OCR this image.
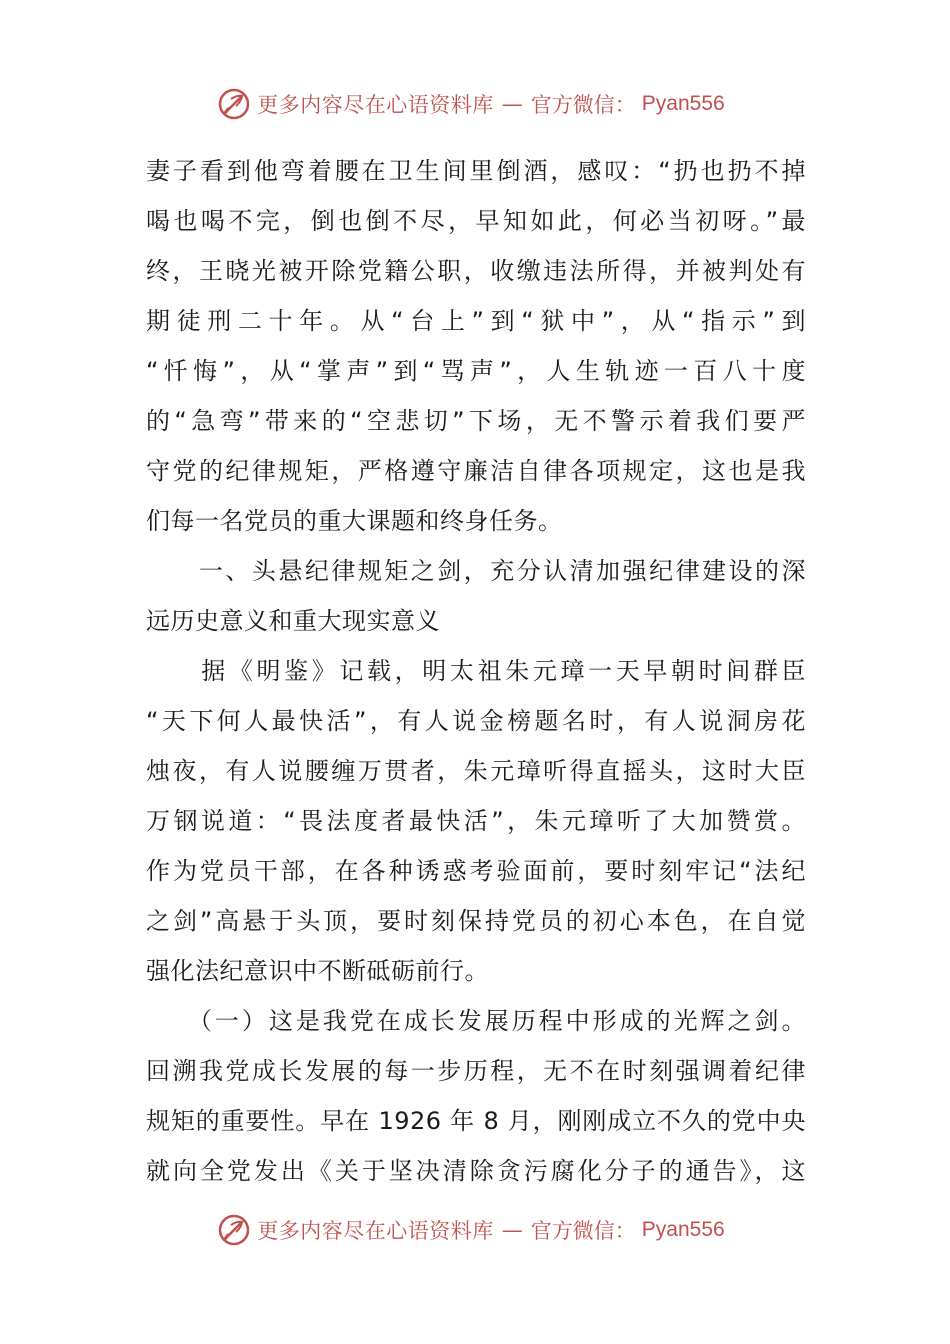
更多内容尽在心语资料库 — 官方微信： Pyan556
妻子看到他弯着腰在卫生间里倒酒，感叹：“扔也扔不掉
喝也喝不完，倒也倒不尽，早知如此，何必当初呀。”最
终，王晓光被开除党籍公职，收缴违法所得，并被判处有
期徒刑二十年。从“台上”到“狱中”，从“指示”到
“忏悔”，从“掌声”到“骂声”，人生轨迹一百八十度
的“急弯”带来的“空悲切”下场，无不警示着我们要严
守党的纪律规矩，严格遵守廉洁自律各项规定，这也是我
们每一名党员的重大课题和终身任务。
　　一、头悬纪律规矩之剑，充分认清加强纪律建设的深
远历史意义和重大现实意义
　　据《明鉴》记载，明太祖朱元璋一天早朝时间群臣
“天下何人最快活”，有人说金榜题名时，有人说洞房花
烛夜，有人说腰缠万贯者，朱元璋听得直摇头，这时大臣
万钢说道：“畏法度者最快活”，朱元璋听了大加赞赏。
作为党员干部，在各种诱惑考验面前，要时刻牢记“法纪
之剑”高悬于头顶，要时刻保持党员的初心本色，在自觉
强化法纪意识中不断砥砺前行。
　　（一）这是我党在成长发展历程中形成的光辉之剑。
回溯我党成长发展的每一步历程，无不在时刻强调着纪律
规矩的重要性。早在 1926 年 8 月，刚刚成立不久的党中央
就向全党发出《关于坚决清除贪污腐化分子的通告》，这
更多内容尽在心语资料库 — 官方微信： Pyan556
